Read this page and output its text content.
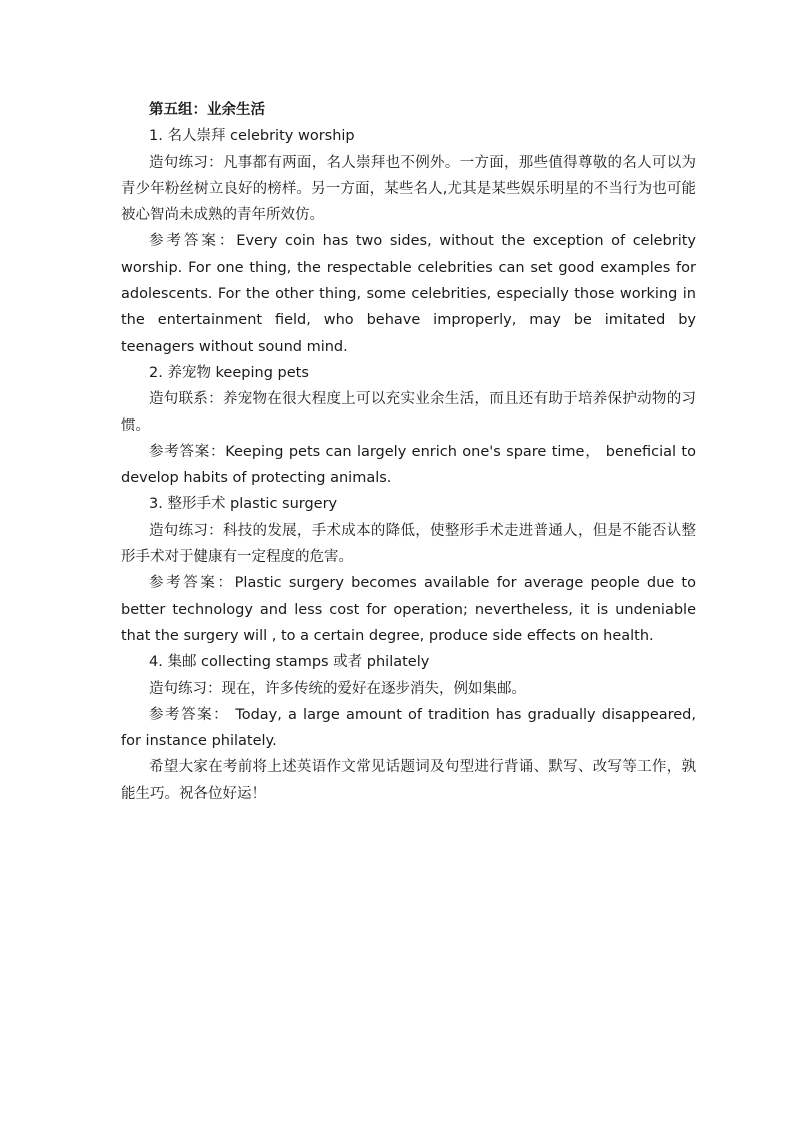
第五组：业余生活
1. 名人崇拜 celebrity worship
造句练习：凡事都有两面，名人崇拜也不例外。一方面，那些值得尊敬的名人可以为青少年粉丝树立良好的榜样。另一方面，某些名人,尤其是某些娱乐明星的不当行为也可能被心智尚未成熟的青年所效仿。
参考答案：Every coin has two sides, without the exception of celebrity worship. For one thing, the respectable celebrities can set good examples for adolescents. For the other thing, some celebrities, especially those working in the entertainment field, who behave improperly, may be imitated by teenagers without sound mind.
2. 养宠物 keeping pets
造句联系：养宠物在很大程度上可以充实业余生活，而且还有助于培养保护动物的习惯。
参考答案：Keeping pets can largely enrich one's spare time， beneficial to develop habits of protecting animals.
3. 整形手术 plastic surgery
造句练习：科技的发展，手术成本的降低，使整形手术走进普通人，但是不能否认整形手术对于健康有一定程度的危害。
参考答案：Plastic surgery becomes available for average people due to better technology and less cost for operation; nevertheless, it is undeniable that the surgery will , to a certain degree, produce side effects on health.
4. 集邮 collecting stamps 或者 philately
造句练习：现在，许多传统的爱好在逐步消失，例如集邮。
参考答案： Today, a large amount of tradition has gradually disappeared, for instance philately.
希望大家在考前将上述英语作文常见话题词及句型进行背诵、默写、改写等工作，孰能生巧。祝各位好运！
